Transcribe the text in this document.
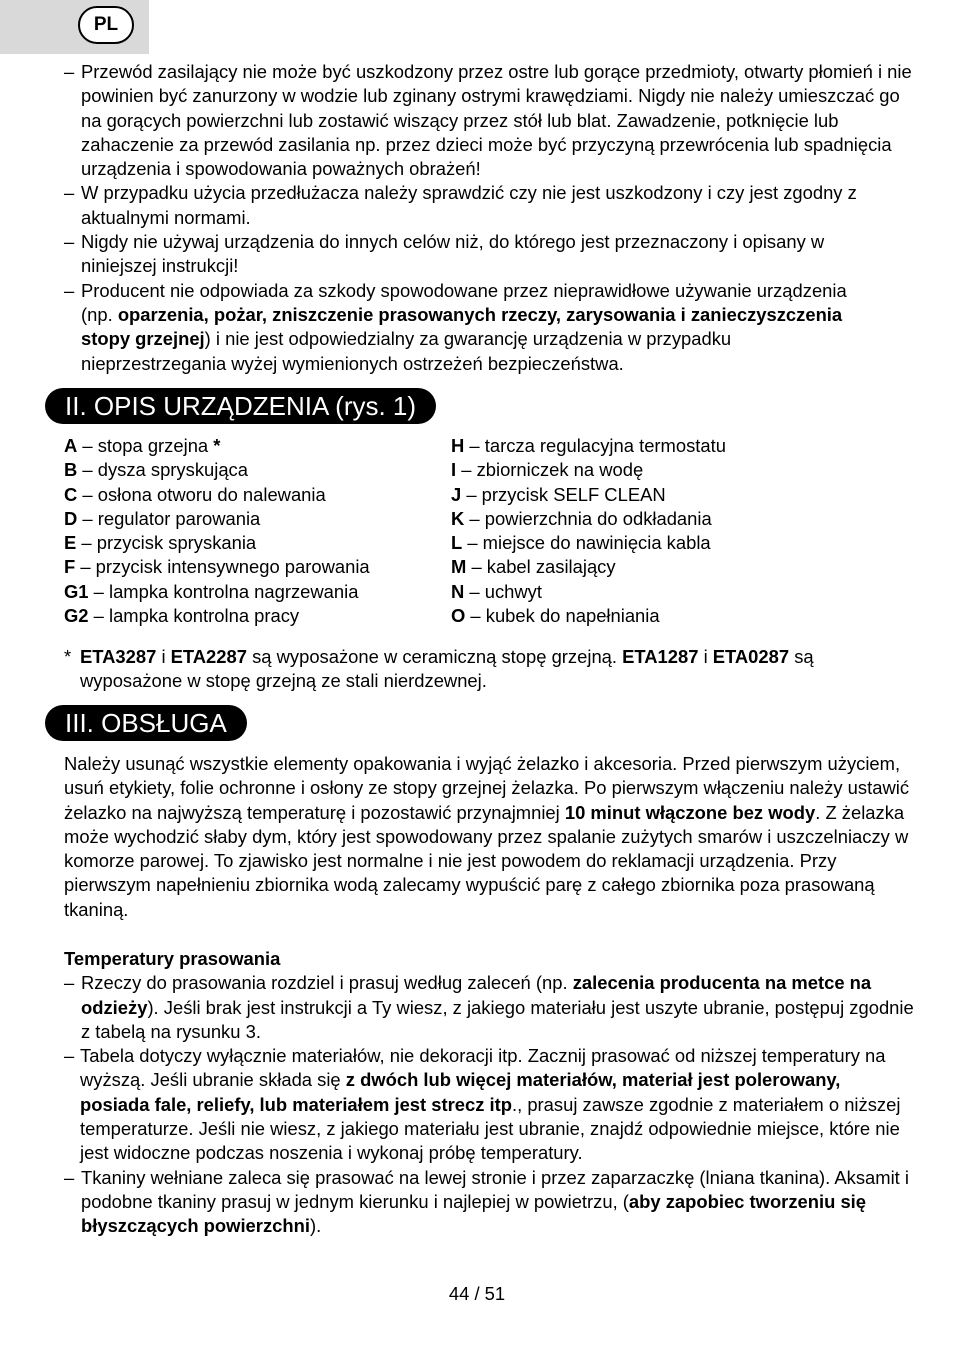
PL
– Przewód zasilający nie może być uszkodzony przez ostre lub gorące przedmioty, otwarty płomień i nie powinien być zanurzony w wodzie lub zginany ostrymi krawędziami. Nigdy nie należy umieszczać go na gorących powierzchni lub zostawić wiszący przez stół lub blat. Zawadzenie, potknięcie lub zahaczenie za przewód zasilania np. przez dzieci może być przyczyną przewrócenia lub spadnięcia urządzenia i spowodowania poważnych obrażeń!
– W przypadku użycia przedłużacza należy sprawdzić czy nie jest uszkodzony i czy jest zgodny z aktualnymi normami.
– Nigdy nie używaj urządzenia do innych celów niż, do którego jest przeznaczony i opisany w niniejszej instrukcji!
– Producent nie odpowiada za szkody spowodowane przez nieprawidłowe używanie urządzenia (np. oparzenia, pożar, zniszczenie prasowanych rzeczy, zarysowania i zanieczyszczenia stopy grzejnej) i nie jest odpowiedzialny za gwarancję urządzenia w przypadku nieprzestrzegania wyżej wymienionych ostrzeżeń bezpieczeństwa.
II. OPIS URZĄDZENIA (rys. 1)
A – stopa grzejna *
B – dysza spryskująca
C – osłona otworu do nalewania
D – regulator parowania
E – przycisk spryskania
F – przycisk intensywnego parowania
G1 – lampka kontrolna nagrzewania
G2 – lampka kontrolna pracy
H – tarcza regulacyjna termostatu
I – zbiorniczek na wodę
J – przycisk SELF CLEAN
K – powierzchnia do odkładania
L – miejsce do nawinięcia kabla
M – kabel zasilający
N – uchwyt
O – kubek do napełniania
* ETA3287 i ETA2287 są wyposażone w ceramiczną stopę grzejną. ETA1287 i ETA0287 są wyposażone w stopę grzejną ze stali nierdzewnej.
III. OBSŁUGA
Należy usunąć wszystkie elementy opakowania i wyjąć żelazko i akcesoria. Przed pierwszym użyciem, usuń etykiety, folie ochronne i osłony ze stopy grzejnej żelazka. Po pierwszym włączeniu należy ustawić żelazko na najwyższą temperaturę i pozostawić przynajmniej 10 minut włączone bez wody. Z żelazka może wychodzić słaby dym, który jest spowodowany przez spalanie zużytych smarów i uszczelniaczy w komorze parowej. To zjawisko jest normalne i nie jest powodem do reklamacji urządzenia. Przy pierwszym napełnieniu zbiornika wodą zalecamy wypuścić parę z całego zbiornika poza prasowaną tkaniną.
Temperatury prasowania
– Rzeczy do prasowania rozdziel i prasuj według zaleceń (np. zalecenia producenta na metce na odzieży). Jeśli brak jest instrukcji a Ty wiesz, z jakiego materiału jest uszyte ubranie, postępuj zgodnie z tabelą na rysunku 3.
– Tabela dotyczy wyłącznie materiałów, nie dekoracji itp. Zacznij prasować od niższej temperatury na wyższą. Jeśli ubranie składa się z dwóch lub więcej materiałów, materiał jest polerowany, posiada fale, reliefy, lub materiałem jest strecz itp., prasuj zawsze zgodnie z materiałem o niższej temperaturze. Jeśli nie wiesz, z jakiego materiału jest ubranie, znajdź odpowiednie miejsce, które nie jest widoczne podczas noszenia i wykonaj próbę temperatury.
– Tkaniny wełniane zaleca się prasować na lewej stronie i przez zaparzaczkę (lniana tkanina). Aksamit i podobne tkaniny prasuj w jednym kierunku i najlepiej w powietrzu, (aby zapobiec tworzeniu się błyszczących powierzchni).
44 / 51
